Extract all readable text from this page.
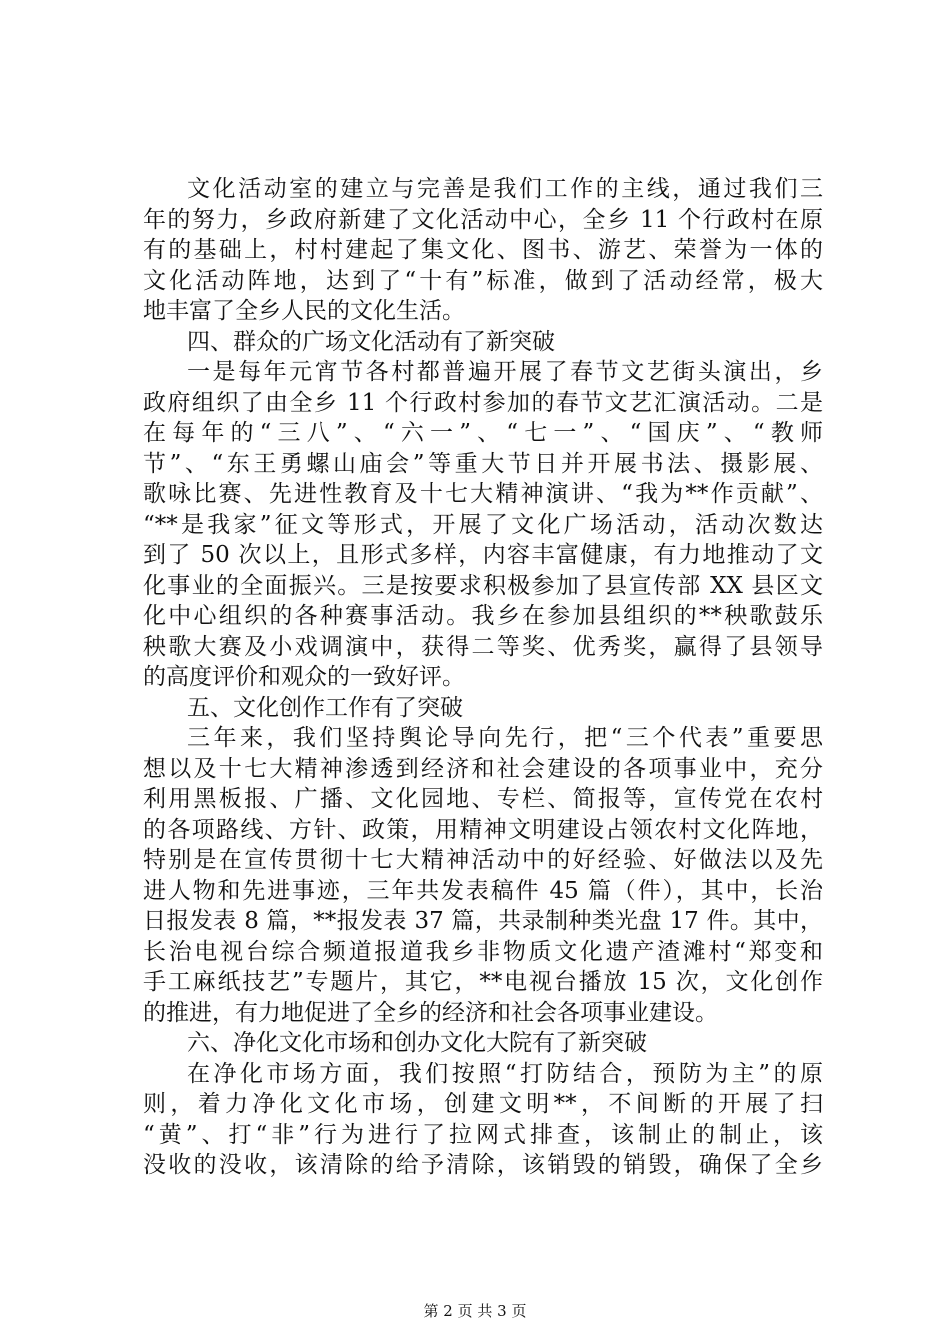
文化活动室的建立与完善是我们工作的主线，通过我们三
年的努力，乡政府新建了文化活动中心，全乡 11 个行政村在原
有的基础上，村村建起了集文化、图书、游艺、荣誉为一体的
文化活动阵地，达到了“十有”标准，做到了活动经常，极大
地丰富了全乡人民的文化生活。
四、群众的广场文化活动有了新突破
一是每年元宵节各村都普遍开展了春节文艺街头演出，乡
政府组织了由全乡 11 个行政村参加的春节文艺汇演活动。二是
在每年的“三八”、“六一”、“七一”、“国庆”、“教师
节”、“东王勇螺山庙会”等重大节日并开展书法、摄影展、
歌咏比赛、先进性教育及十七大精神演讲、“我为**作贡献”、
“**是我家”征文等形式，开展了文化广场活动，活动次数达
到了 50 次以上，且形式多样，内容丰富健康，有力地推动了文
化事业的全面振兴。三是按要求积极参加了县宣传部 XX 县区文
化中心组织的各种赛事活动。我乡在参加县组织的**秧歌鼓乐
秧歌大赛及小戏调演中，获得二等奖、优秀奖，赢得了县领导
的高度评价和观众的一致好评。
五、文化创作工作有了突破
三年来，我们坚持舆论导向先行，把“三个代表”重要思
想以及十七大精神渗透到经济和社会建设的各项事业中，充分
利用黑板报、广播、文化园地、专栏、简报等，宣传党在农村
的各项路线、方针、政策，用精神文明建设占领农村文化阵地，
特别是在宣传贯彻十七大精神活动中的好经验、好做法以及先
进人物和先进事迹，三年共发表稿件 45 篇（件），其中，长治
日报发表 8 篇，**报发表 37 篇，共录制种类光盘 17 件。其中，
长治电视台综合频道报道我乡非物质文化遗产渣滩村“郑变和
手工麻纸技艺”专题片，其它，**电视台播放 15 次，文化创作
的推进，有力地促进了全乡的经济和社会各项事业建设。
六、净化文化市场和创办文化大院有了新突破
在净化市场方面，我们按照“打防结合，预防为主”的原
则，着力净化文化市场，创建文明**，不间断的开展了扫
“黄”、打“非”行为进行了拉网式排查，该制止的制止，该
没收的没收，该清除的给予清除，该销毁的销毁，确保了全乡
第 2 页 共 3 页
